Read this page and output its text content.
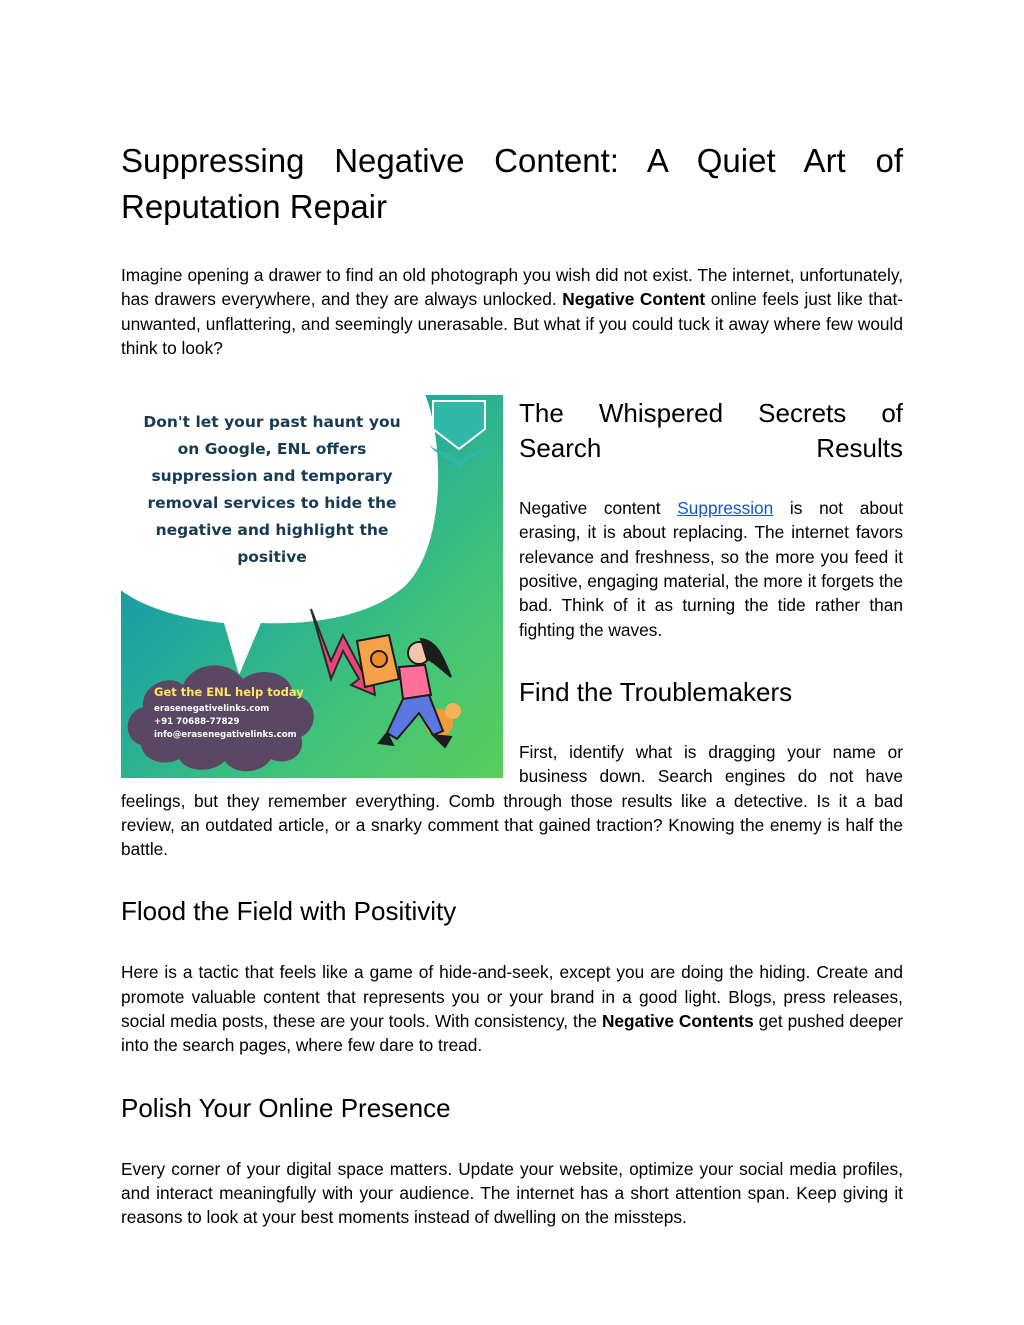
Suppressing Negative Content: A Quiet Art of Reputation Repair

Imagine opening a drawer to find an old photograph you wish did not exist. The internet, unfortunately, has drawers everywhere, and they are always unlocked. Negative Content online feels just like that- unwanted, unflattering, and seemingly unerasable. But what if you could tuck it away where few would think to look?

Don't let your past haunt you on Google, ENL offers suppression and temporary removal services to hide the negative and highlight the positive
Get the ENL help today
erasenegativelinks.com
+91 70688-77829
info@erasenegativelinks.com
The Whispered Secrets of Search Results

Negative content Suppression is not about erasing, it is about replacing. The internet favors relevance and freshness, so the more you feed it positive, engaging material, the more it forgets the bad. Think of it as turning the tide rather than fighting the waves.

Find the Troublemakers

First, identify what is dragging your name or business down. Search engines do not have feelings, but they remember everything. Comb through those results like a detective. Is it a bad review, an outdated article, or a snarky comment that gained traction? Knowing the enemy is half the battle.

Flood the Field with Positivity

Here is a tactic that feels like a game of hide-and-seek, except you are doing the hiding. Create and promote valuable content that represents you or your brand in a good light. Blogs, press releases, social media posts, these are your tools. With consistency, the Negative Contents get pushed deeper into the search pages, where few dare to tread.

Polish Your Online Presence

Every corner of your digital space matters. Update your website, optimize your social media profiles, and interact meaningfully with your audience. The internet has a short attention span. Keep giving it reasons to look at your best moments instead of dwelling on the missteps.
